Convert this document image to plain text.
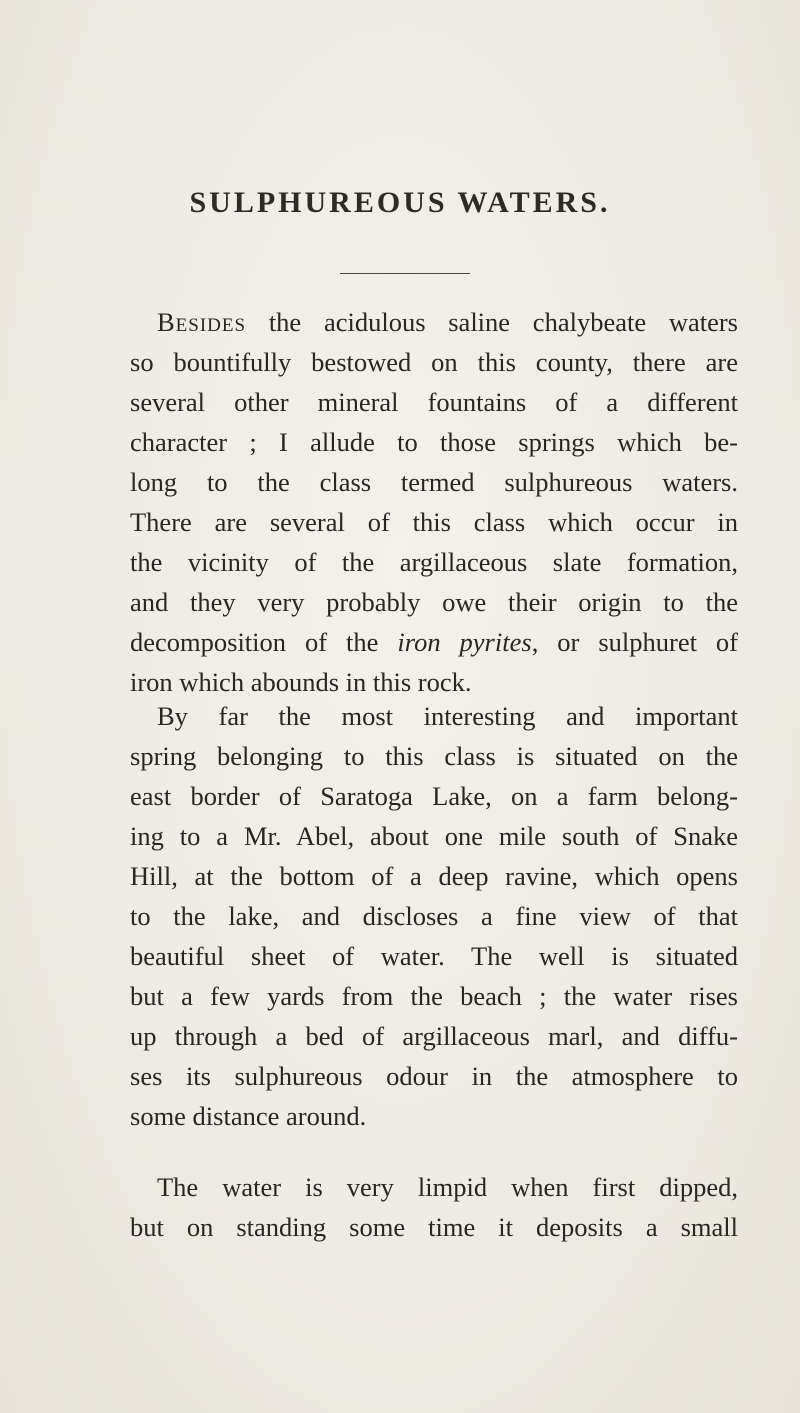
SULPHUREOUS WATERS.
Besides the acidulous saline chalybeate waters
so bountifully bestowed on this county, there are
several other mineral fountains of a different
character ; I allude to those springs which be-
long to the class termed sulphureous waters.
There are several of this class which occur in
the vicinity of the argillaceous slate formation,
and they very probably owe their origin to the
decomposition of the iron pyrites, or sulphuret of
iron which abounds in this rock.
By far the most interesting and important
spring belonging to this class is situated on the
east border of Saratoga Lake, on a farm belong-
ing to a Mr. Abel, about one mile south of Snake
Hill, at the bottom of a deep ravine, which opens
to the lake, and discloses a fine view of that
beautiful sheet of water. The well is situated
but a few yards from the beach ; the water rises
up through a bed of argillaceous marl, and diffu-
ses its sulphureous odour in the atmosphere to
some distance around.
The water is very limpid when first dipped,
but on standing some time it deposits a small
